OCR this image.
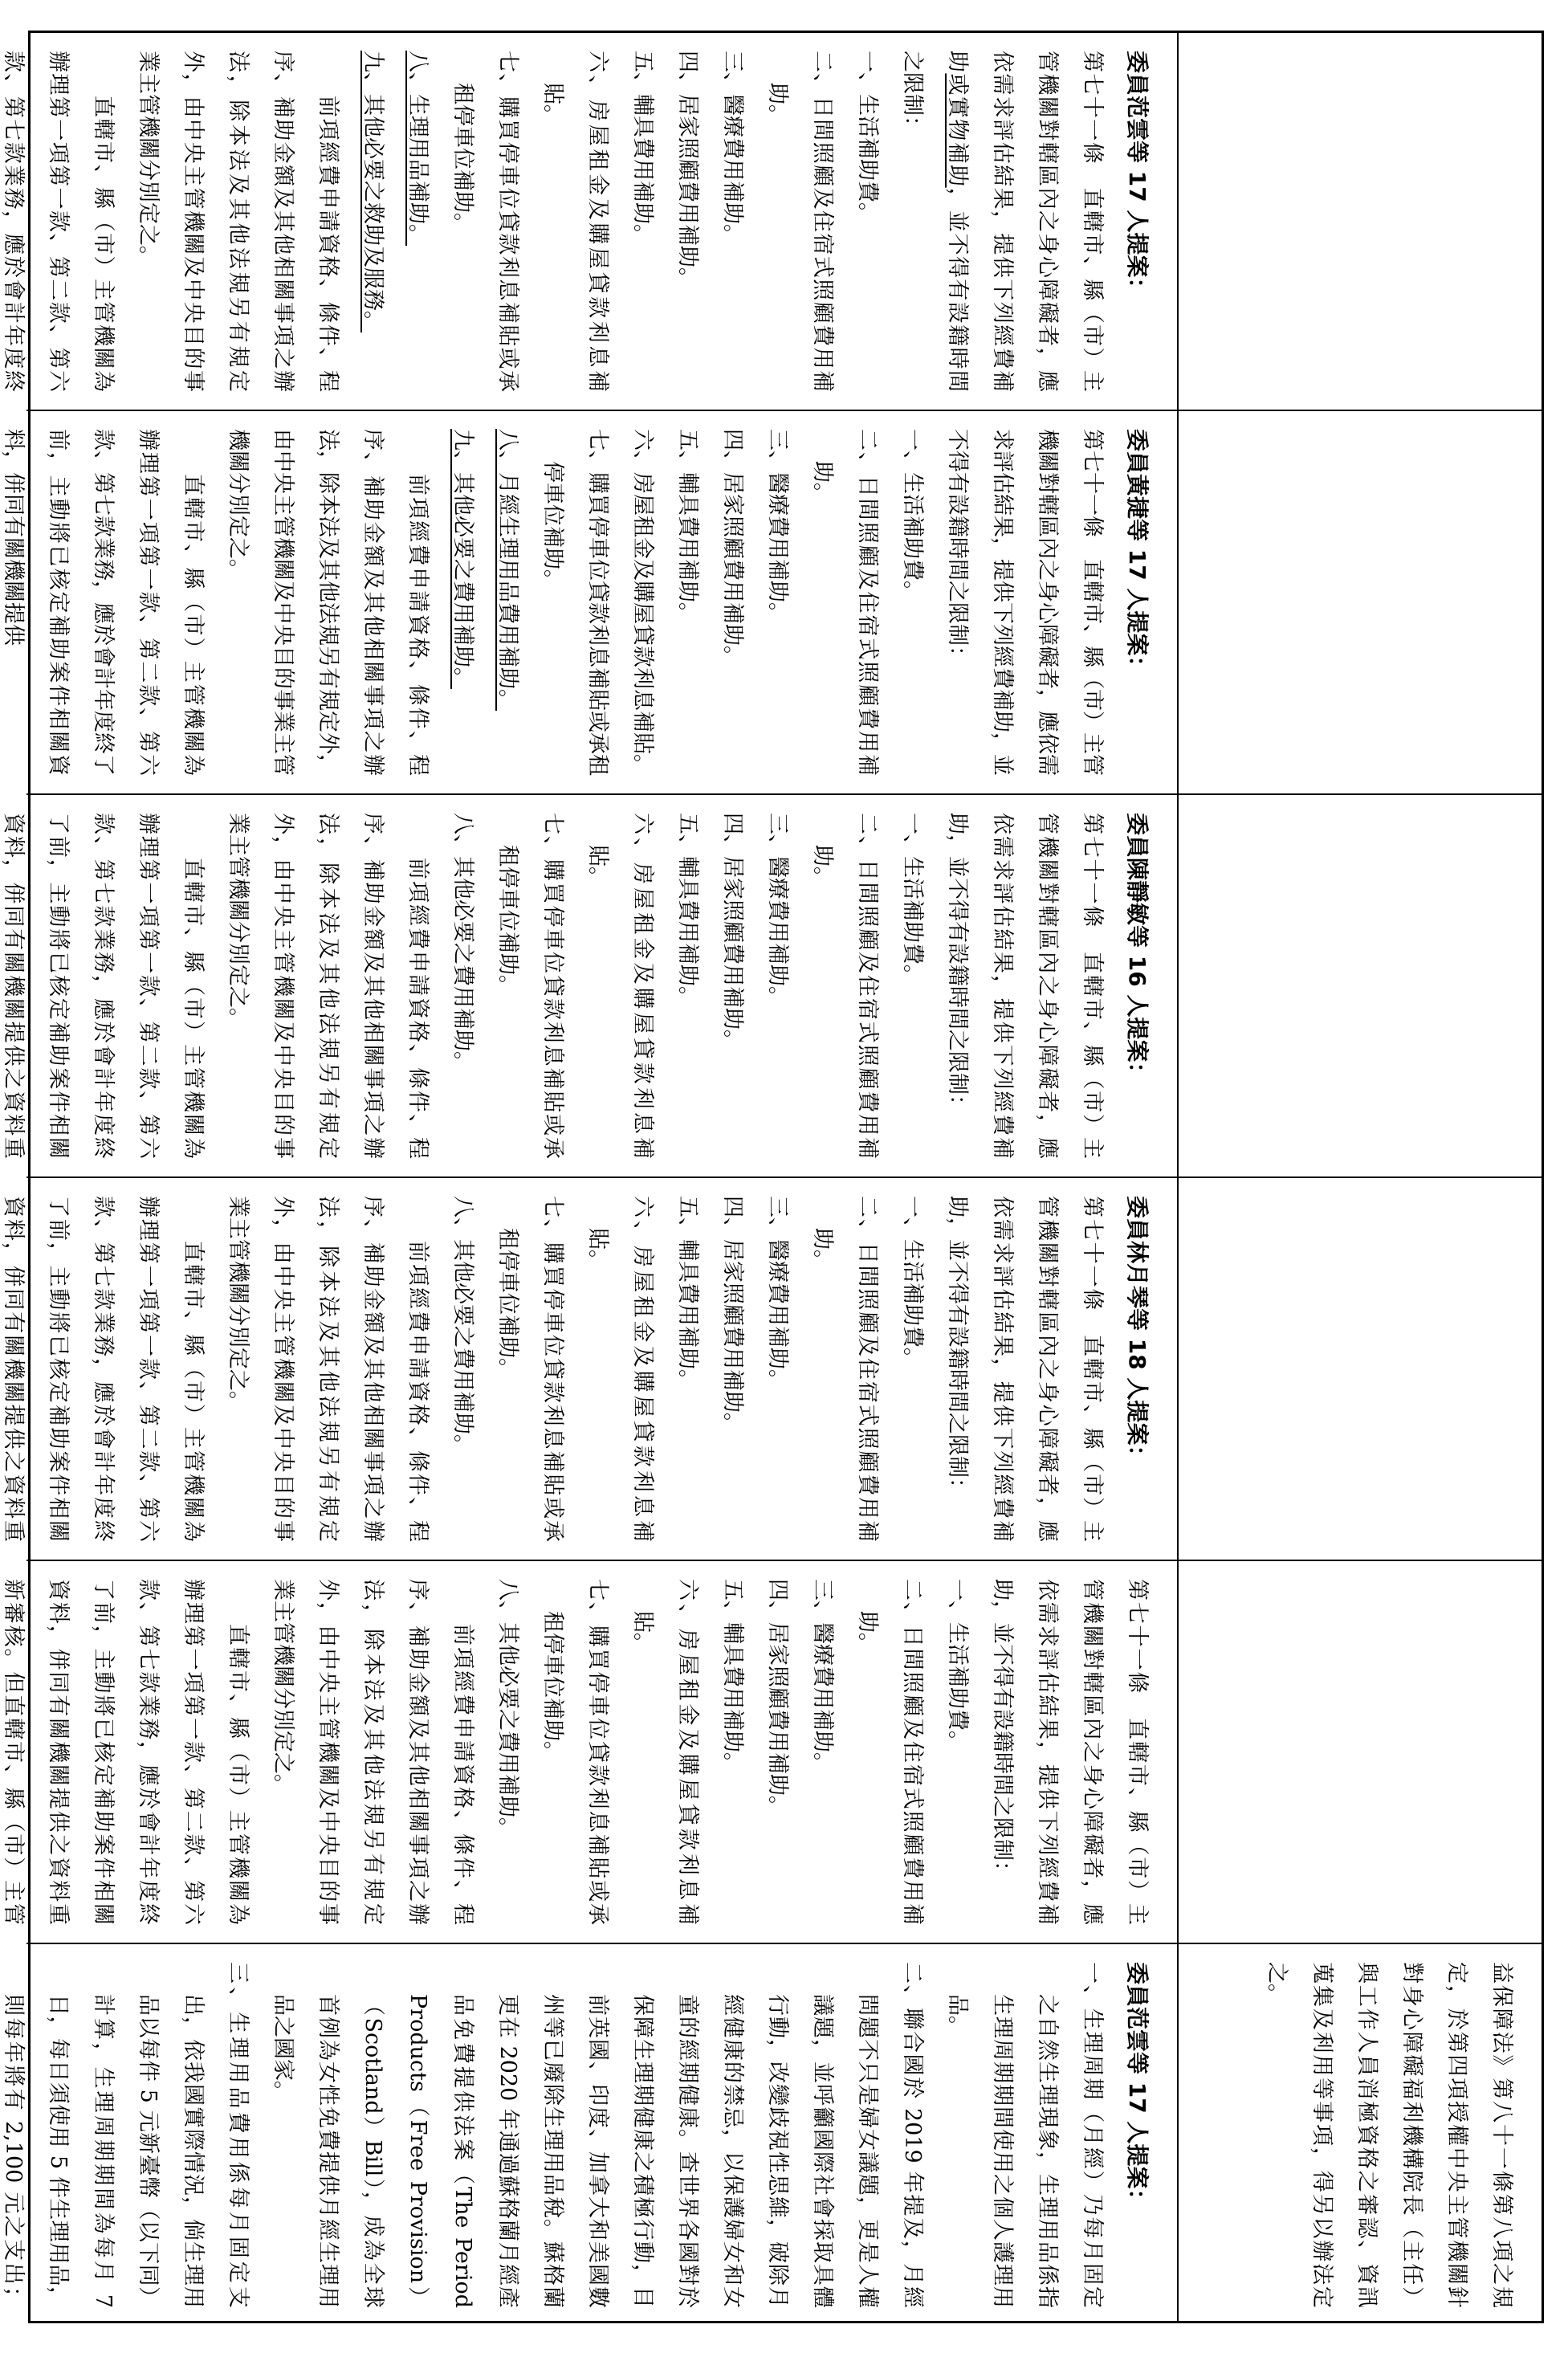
益保障法》第八十一條第八項之規定，於第四項授權中央主管機關針對身心障礙福利機構院長（主任）與工作人員消極資格之審認、資訊蒐集及利用等事項，得另以辦法定之。

委員范雲等 17 人提案：

第七十一條　直轄市、縣（市）主管機關對轄區內之身心障礙者，應依需求評估結果，提供下列經費補助或實物補助，並不得有設籍時間之限制：

一、生活補助費。

二、日間照顧及住宿式照顧費用補助。

三、醫療費用補助。

四、居家照顧費用補助。

五、輔具費用補助。

六、房屋租金及購屋貸款利息補貼。

七、購買停車位貸款利息補貼或承租停車位補助。

八、生理用品補助。

九、其他必要之救助及服務。

前項經費申請資格、條件、程序、補助金額及其他相關事項之辦法，除本法及其他法規另有規定外，由中央主管機關及中央目的事業主管機關分別定之。

直轄市、縣（市）主管機關為辦理第一項第一款、第二款、第六款、第七款業務，應於會計年度終

委員黃捷等 17 人提案：

第七十一條　直轄市、縣（市）主管機關對轄區內之身心障礙者，應依需求評估結果，提供下列經費補助，並不得有設籍時間之限制：

一、生活補助費。

二、日間照顧及住宿式照顧費用補助。

三、醫療費用補助。

四、居家照顧費用補助。

五、輔具費用補助。

六、房屋租金及購屋貸款利息補貼。

七、購買停車位貸款利息補貼或承租停車位補助。

八、月經生理用品費用補助。

九、其他必要之費用補助。

前項經費申請資格、條件、程序、補助金額及其他相關事項之辦法，除本法及其他法規另有規定外，由中央主管機關及中央目的事業主管機關分別定之。

直轄市、縣（市）主管機關為辦理第一項第一款、第二款、第六款、第七款業務，應於會計年度終了前，主動將已核定補助案件相關資料，併同有關機關提供

委員陳靜敏等 16 人提案：

第七十一條　直轄市、縣（市）主管機關對轄區內之身心障礙者，應依需求評估結果，提供下列經費補助，並不得有設籍時間之限制：

一、生活補助費。

二、日間照顧及住宿式照顧費用補助。

三、醫療費用補助。

四、居家照顧費用補助。

五、輔具費用補助。

六、房屋租金及購屋貸款利息補貼。

七、購買停車位貸款利息補貼或承租停車位補助。

八、其他必要之費用補助。

前項經費申請資格、條件、程序、補助金額及其他相關事項之辦法，除本法及其他法規另有規定外，由中央主管機關及中央目的事業主管機關分別定之。

直轄市、縣（市）主管機關為辦理第一項第一款、第二款、第六款、第七款業務，應於會計年度終了前，主動將已核定補助案件相關資料，併同有關機關提供之資料重

委員林月琴等 18 人提案：

第七十一條　直轄市、縣（市）主管機關對轄區內之身心障礙者，應依需求評估結果，提供下列經費補助，並不得有設籍時間之限制：

一、生活補助費。

二、日間照顧及住宿式照顧費用補助。

三、醫療費用補助。

四、居家照顧費用補助。

五、輔具費用補助。

六、房屋租金及購屋貸款利息補貼。

七、購買停車位貸款利息補貼或承租停車位補助。

八、其他必要之費用補助。

前項經費申請資格、條件、程序、補助金額及其他相關事項之辦法，除本法及其他法規另有規定外，由中央主管機關及中央目的事業主管機關分別定之。

直轄市、縣（市）主管機關為辦理第一項第一款、第二款、第六款、第七款業務，應於會計年度終了前，主動將已核定補助案件相關資料，併同有關機關提供之資料重

第七十一條　直轄市、縣（市）主管機關對轄區內之身心障礙者，應依需求評估結果，提供下列經費補助，並不得有設籍時間之限制：

一、生活補助費。

二、日間照顧及住宿式照顧費用補助。

三、醫療費用補助。

四、居家照顧費用補助。

五、輔具費用補助。

六、房屋租金及購屋貸款利息補貼。

七、購買停車位貸款利息補貼或承租停車位補助。

八、其他必要之費用補助。

前項經費申請資格、條件、程序、補助金額及其他相關事項之辦法，除本法及其他法規另有規定外，由中央主管機關及中央目的事業主管機關分別定之。

直轄市、縣（市）主管機關為辦理第一項第一款、第二款、第六款、第七款業務，應於會計年度終了前，主動將已核定補助案件相關資料，併同有關機關提供之資料重新審核。但直轄市、縣（市）主管

委員范雲等 17 人提案：

一、生理周期（月經）乃每月固定之自然生理現象，生理用品係指生理周期期間使用之個人護理用品。

二、聯合國於 2019 年提及，月經問題不只是婦女議題，更是人權議題，並呼籲國際社會採取具體行動，改變歧視性思維，破除月經健康的禁忌，以保護婦女和女童的經期健康。查世界各國對於保障生理期健康之積極行動，目前英國、印度、加拿大和美國數州等已廢除生理用品稅。蘇格蘭更在 2020 年通過蘇格蘭月經產品免費提供法案（The Period Products（Free Provision）（Scotland）Bill），成為全球首例為女性免費提供月經生理用品之國家。

三、生理用品費用係每月固定支出，依我國實際情況，倘生理用品以每件 5 元新臺幣（以下同）計算，生理周期期間為每月 7 日，每日須使用 5 件生理用品，則每年將有 2,100 元之支出；
